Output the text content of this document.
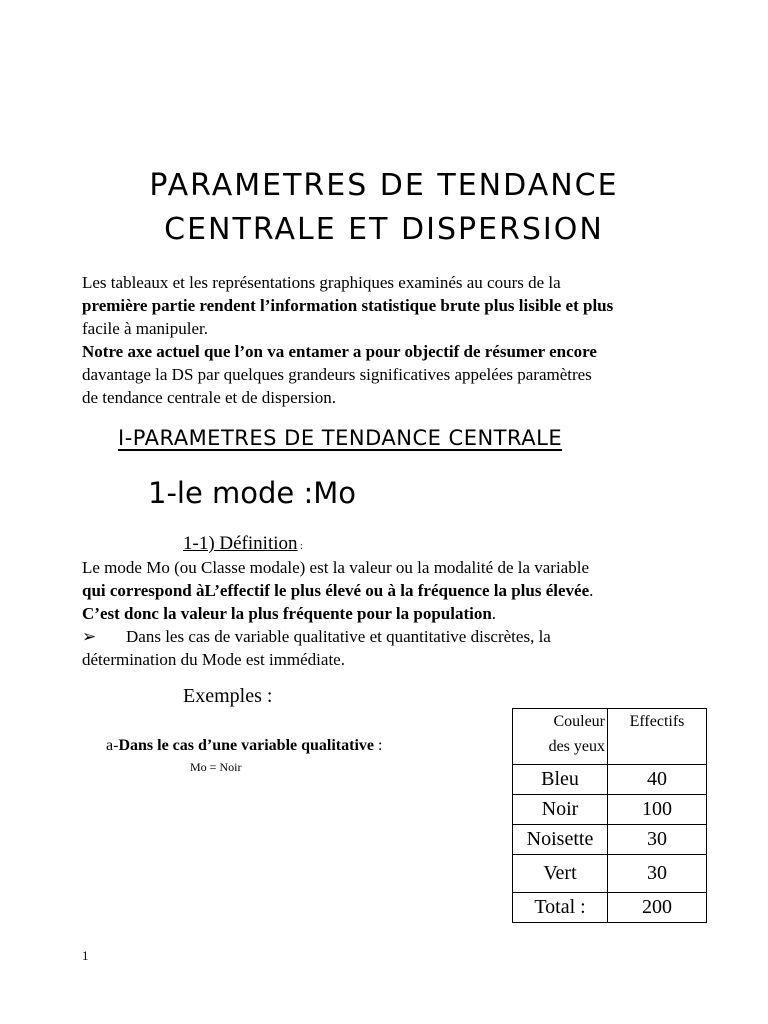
PARAMETRES DE TENDANCE
CENTRALE ET DISPERSION

Les tableaux et les représentations graphiques examinés au cours de la

première partie rendent l’information statistique brute plus lisible et plus

facile à manipuler.

Notre axe actuel que l’on va entamer a pour objectif de résumer encore

davantage la DS par quelques grandeurs significatives appelées paramètres

de tendance centrale et de dispersion.

I-PARAMETRES DE TENDANCE CENTRALE
1-le mode :Mo
1-1) Définition :

Le mode Mo (ou Classe modale) est la valeur ou la modalité de la variable

qui correspond àL’effectif le plus élevé ou à la fréquence la plus élevée.

C’est donc la valeur la plus fréquente pour la population.

➢ Dans les cas de variable qualitative et quantitative discrètes, la

détermination du Mode est immédiate.

Exemples :
a-Dans le cas d’une variable qualitative :
Mo = Noir
Couleur
des yeux	Effectifs
Bleu	40
Noir	100
Noisette	30
Vert	30
Total :	200
1
